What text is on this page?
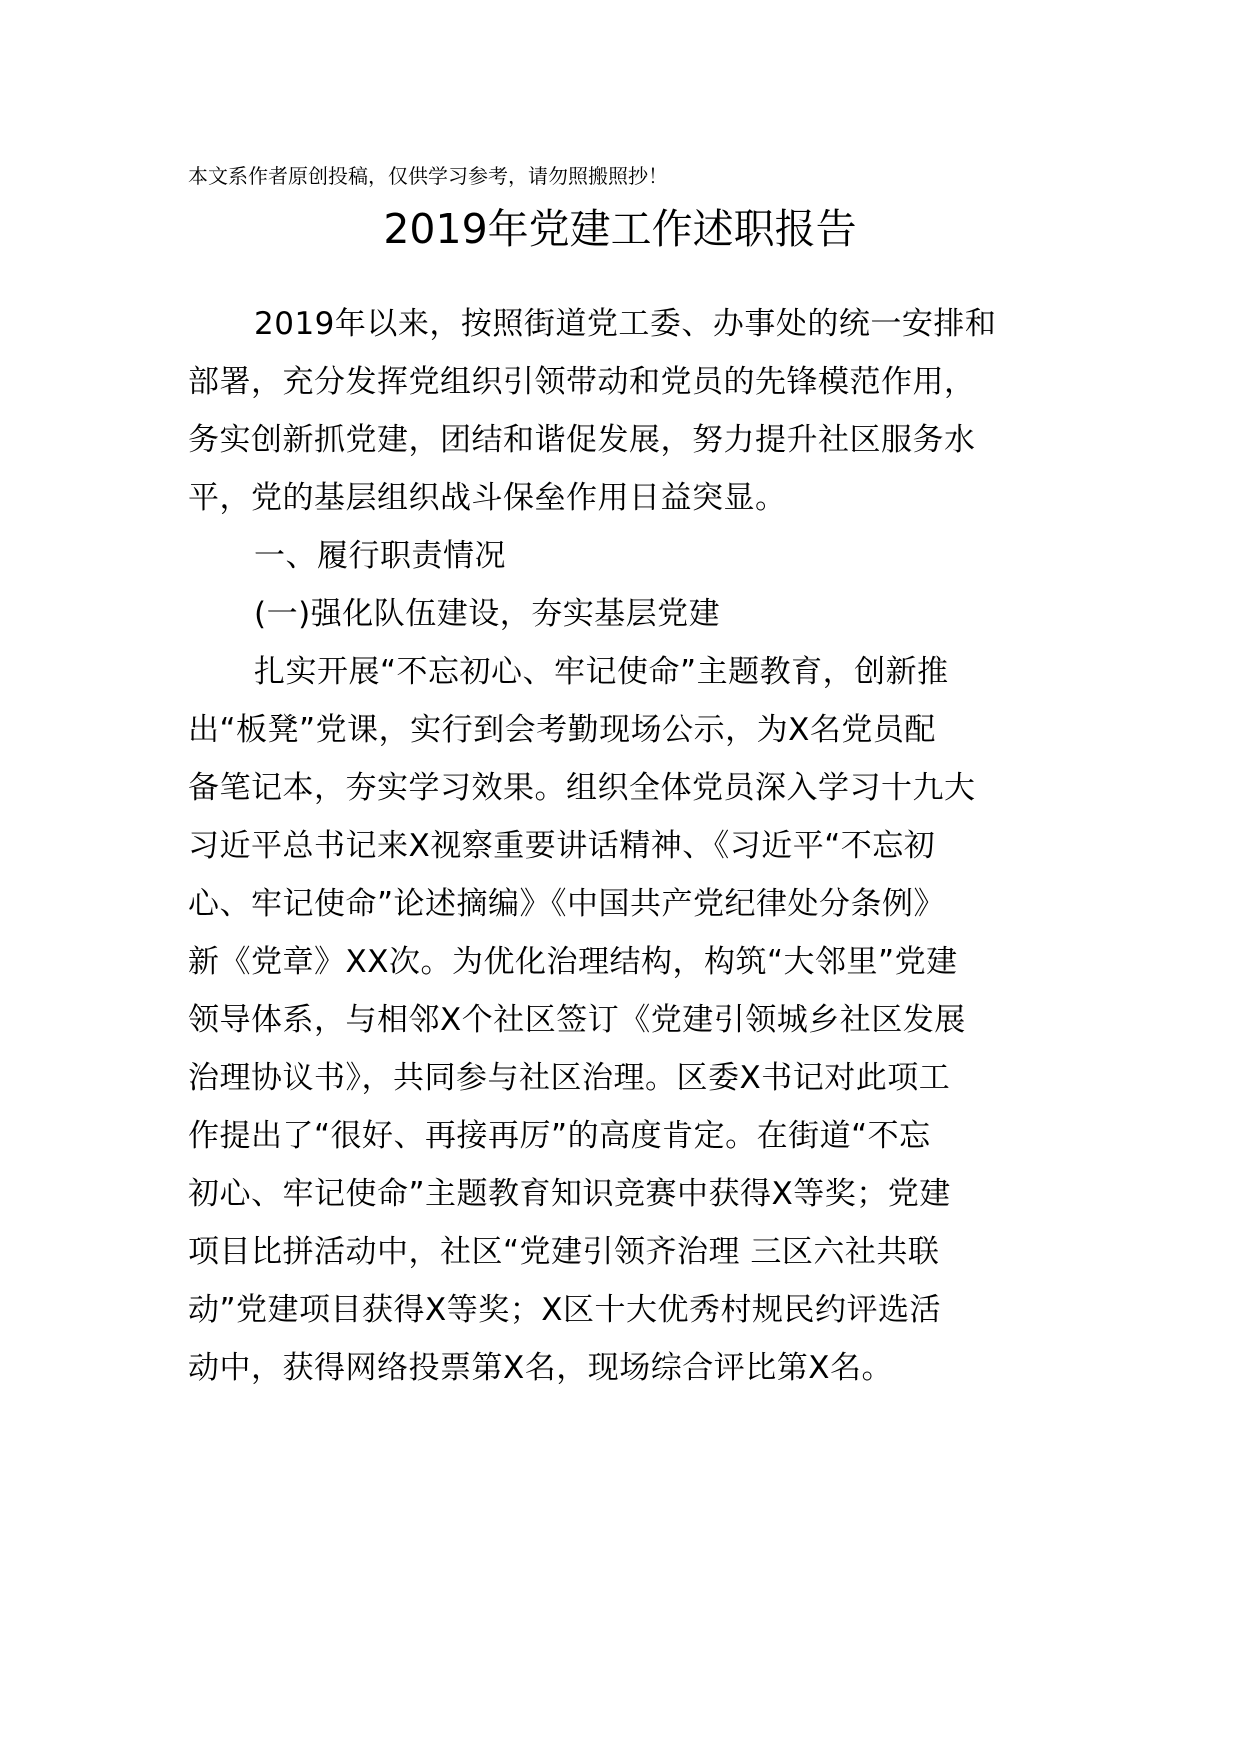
本文系作者原创投稿，仅供学习参考，请勿照搬照抄！
2019年党建工作述职报告
2019年以来，按照街道党工委、办事处的统一安排和
部署，充分发挥党组织引领带动和党员的先锋模范作用，
务实创新抓党建，团结和谐促发展，努力提升社区服务水
平，党的基层组织战斗保垒作用日益突显。
一、履行职责情况
(一)强化队伍建设，夯实基层党建
扎实开展“不忘初心、牢记使命”主题教育，创新推
出“板凳”党课，实行到会考勤现场公示，为X名党员配
备笔记本，夯实学习效果。组织全体党员深入学习十九大
习近平总书记来X视察重要讲话精神、《习近平“不忘初
心、牢记使命”论述摘编》《中国共产党纪律处分条例》
新《党章》XX次。为优化治理结构，构筑“大邻里”党建
领导体系，与相邻X个社区签订《党建引领城乡社区发展
治理协议书》，共同参与社区治理。区委X书记对此项工
作提出了“很好、再接再厉”的高度肯定。在街道“不忘
初心、牢记使命”主题教育知识竞赛中获得X等奖；党建
项目比拼活动中，社区“党建引领齐治理 三区六社共联
动”党建项目获得X等奖；X区十大优秀村规民约评选活
动中，获得网络投票第X名，现场综合评比第X名。
